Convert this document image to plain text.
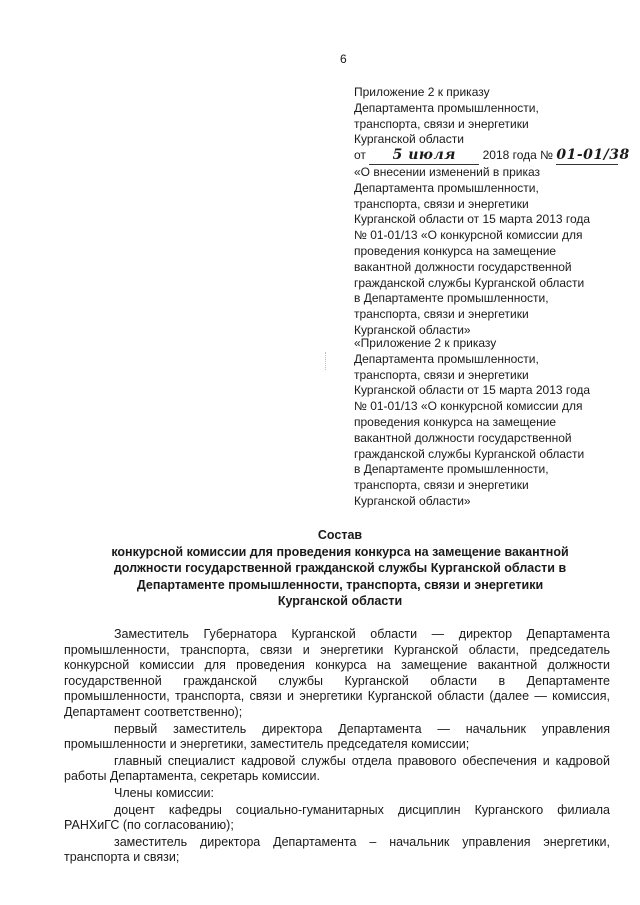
6
Приложение 2 к приказу
Департамента промышленности,
транспорта, связи и энергетики
Курганской области
от 5 июля 2018 года № 01-01/38
«О внесении изменений в приказ
Департамента промышленности,
транспорта, связи и энергетики
Курганской области от 15 марта 2013 года
№ 01-01/13 «О конкурсной комиссии для
проведения конкурса на замещение
вакантной должности государственной
гражданской службы Курганской области
в Департаменте промышленности,
транспорта, связи и энергетики
Курганской области»
«Приложение 2 к приказу
Департамента промышленности,
транспорта, связи и энергетики
Курганской области от 15 марта 2013 года
№ 01-01/13 «О конкурсной комиссии для
проведения конкурса на замещение
вакантной должности государственной
гражданской службы Курганской области
в Департаменте промышленности,
транспорта, связи и энергетики
Курганской области»
Состав
конкурсной комиссии для проведения конкурса на замещение вакантной
должности государственной гражданской службы Курганской области в
Департаменте промышленности, транспорта, связи и энергетики
Курганской области

Заместитель Губернатора Курганской области — директор Департамента промышленности, транспорта, связи и энергетики Курганской области, председатель конкурсной комиссии для проведения конкурса на замещение вакантной должности государственной гражданской службы Курганской области в Департаменте промышленности, транспорта, связи и энергетики Курганской области (далее — комиссия, Департамент соответственно);

первый заместитель директора Департамента — начальник управления промышленности и энергетики, заместитель председателя комиссии;

главный специалист кадровой службы отдела правового обеспечения и кадровой работы Департамента, секретарь комиссии.

Члены комиссии:

доцент кафедры социально-гуманитарных дисциплин Курганского филиала РАНХиГС (по согласованию);

заместитель директора Департамента – начальник управления энергетики, транспорта и связи;
